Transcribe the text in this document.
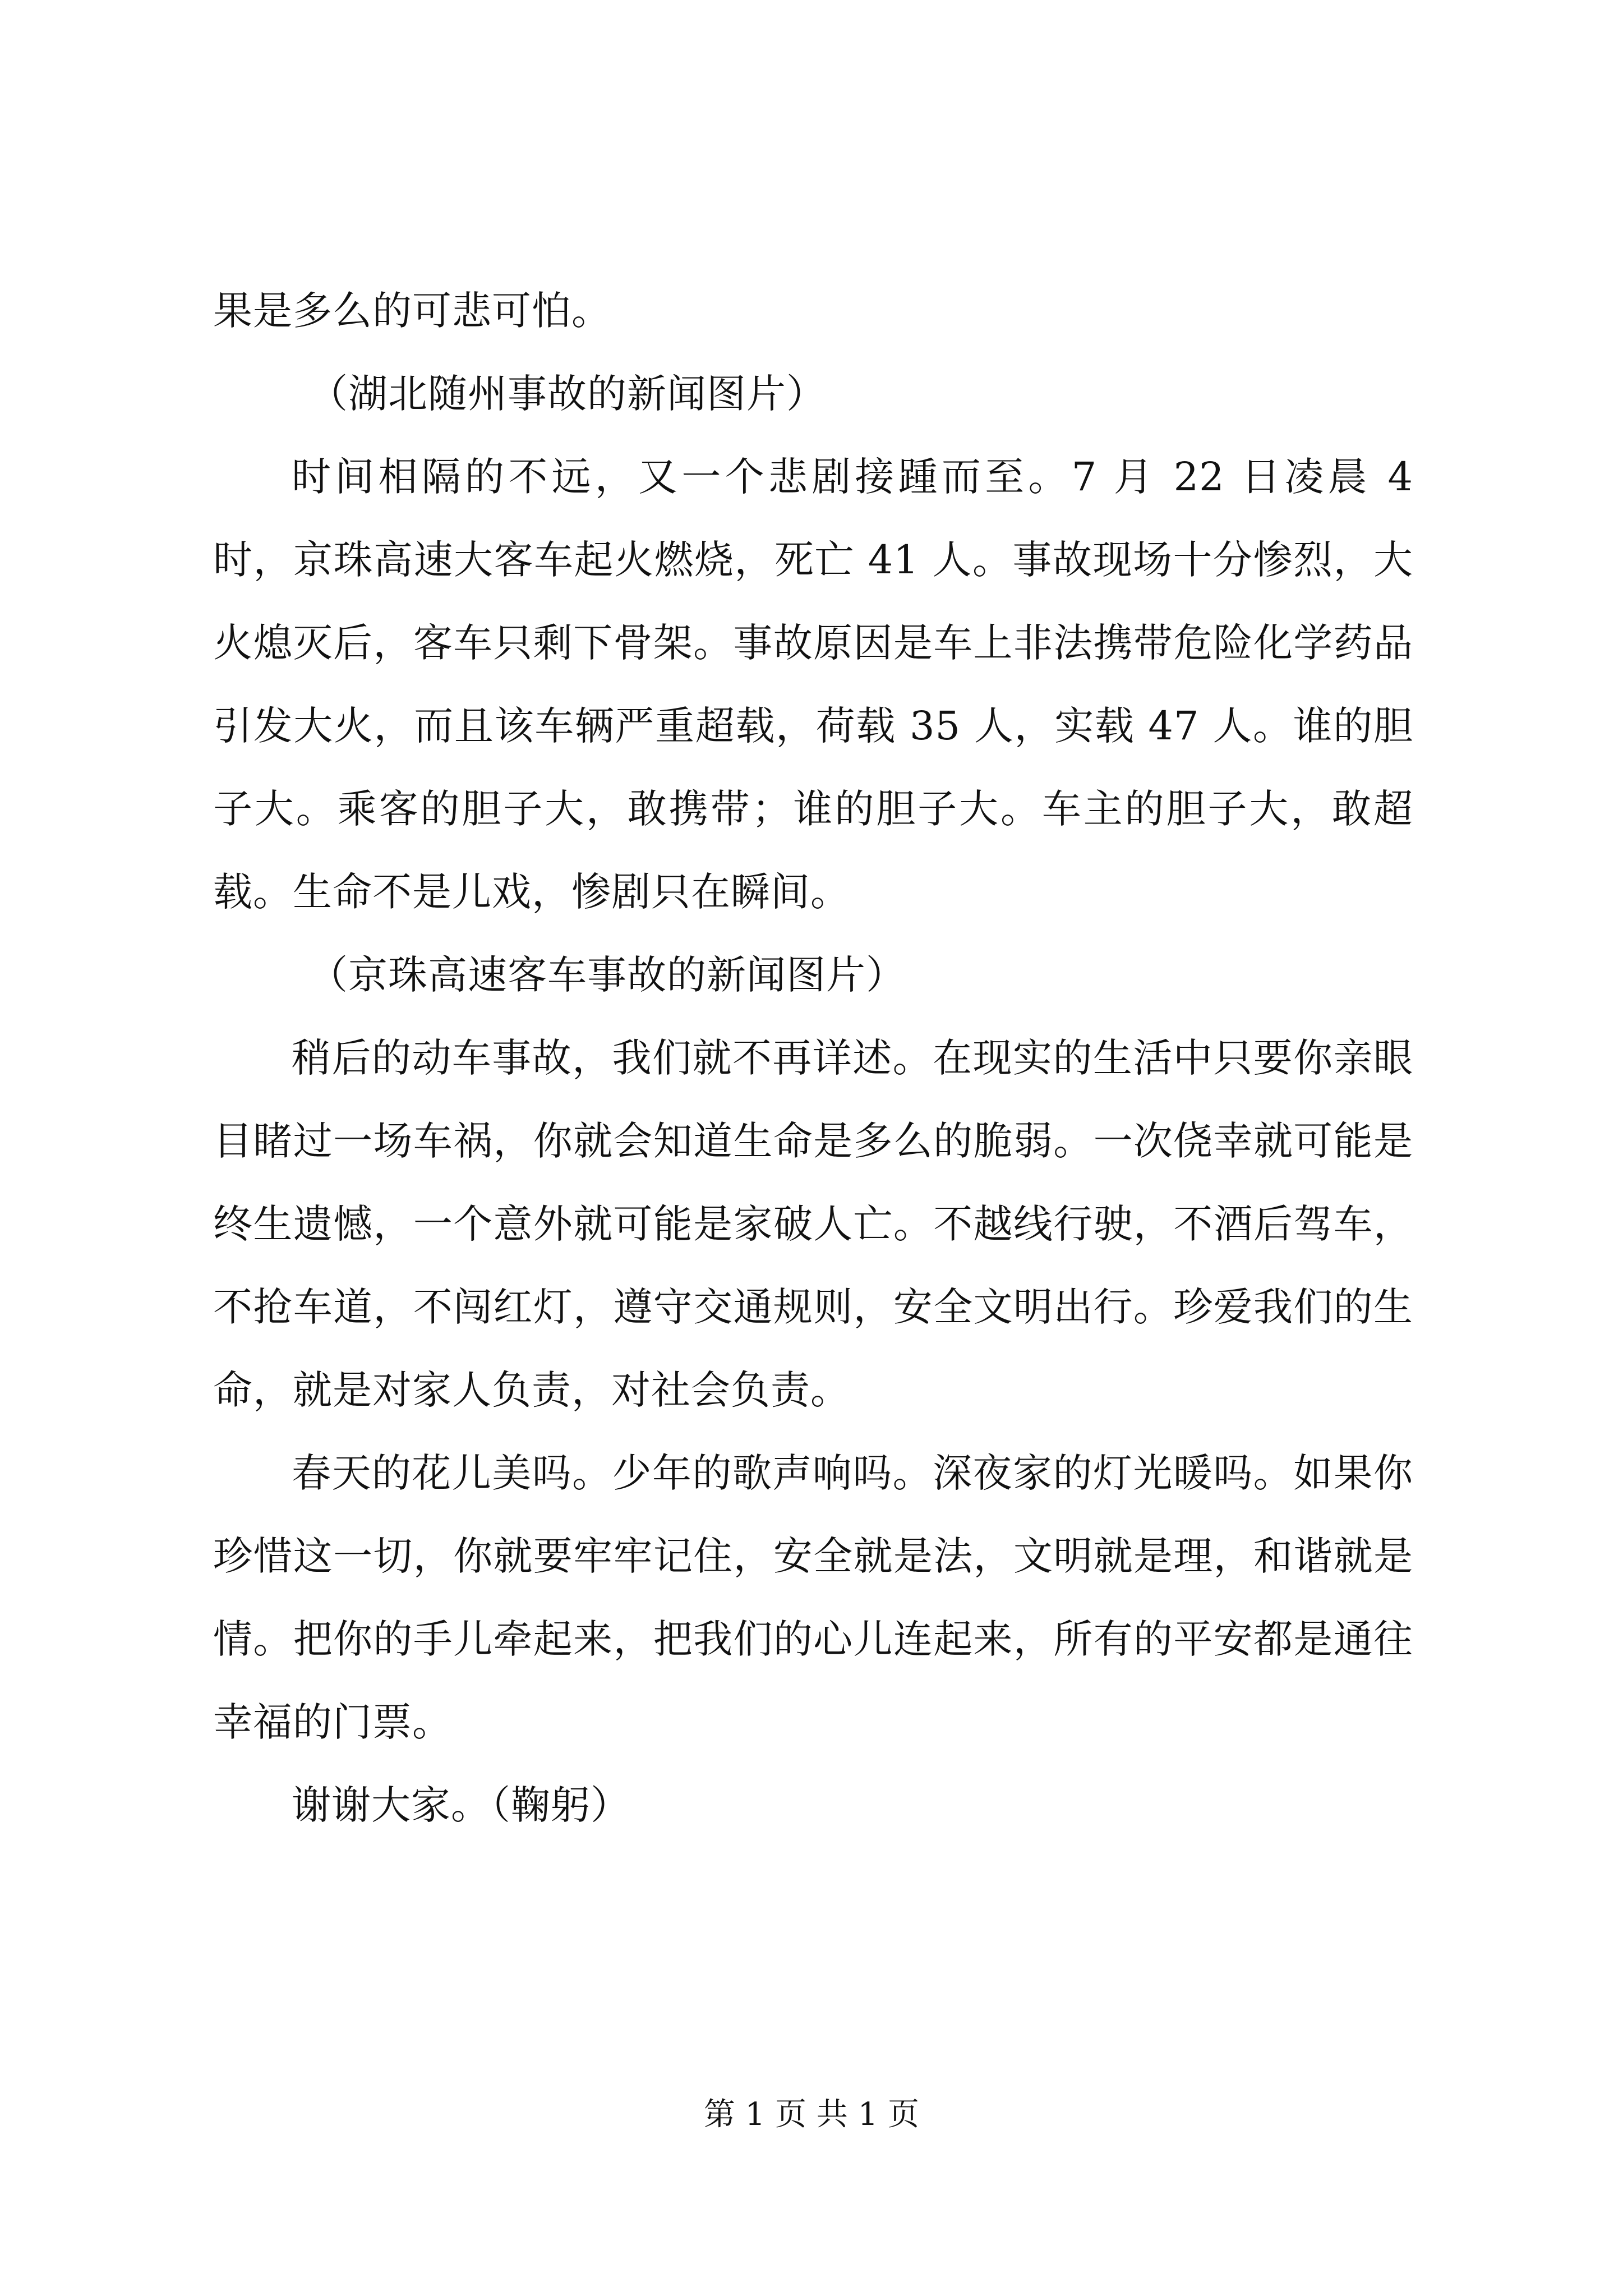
果是多么的可悲可怕。

（湖北随州事故的新闻图片）

时间相隔的不远，又一个悲剧接踵而至。7 月 22 日凌晨 4 时，京珠高速大客车起火燃烧，死亡 41 人。事故现场十分惨烈，大火熄灭后，客车只剩下骨架。事故原因是车上非法携带危险化学药品引发大火，而且该车辆严重超载，荷载 35 人，实载 47 人。谁的胆子大。乘客的胆子大，敢携带；谁的胆子大。车主的胆子大，敢超载。生命不是儿戏，惨剧只在瞬间。

（京珠高速客车事故的新闻图片）

稍后的动车事故，我们就不再详述。在现实的生活中只要你亲眼目睹过一场车祸，你就会知道生命是多么的脆弱。一次侥幸就可能是终生遗憾，一个意外就可能是家破人亡。不越线行驶，不酒后驾车，不抢车道，不闯红灯，遵守交通规则，安全文明出行。珍爱我们的生命，就是对家人负责，对社会负责。

春天的花儿美吗。少年的歌声响吗。深夜家的灯光暖吗。如果你珍惜这一切，你就要牢牢记住，安全就是法，文明就是理，和谐就是情。把你的手儿牵起来，把我们的心儿连起来，所有的平安都是通往幸福的门票。

谢谢大家。（鞠躬）

第 1 页 共 1 页
